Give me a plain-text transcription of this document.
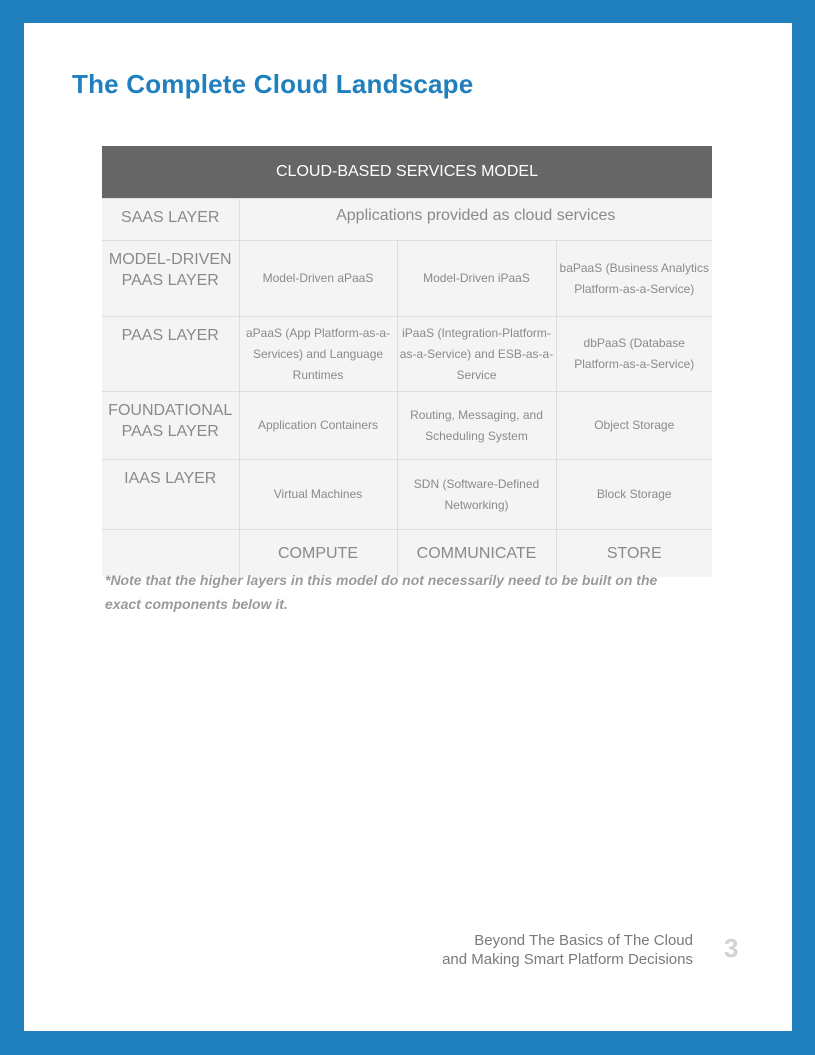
The Complete Cloud Landscape
CLOUD-BASED SERVICES MODEL			
SAAS LAYER	Applications provided as cloud services		
MODEL-DRIVEN PAAS LAYER	Model-Driven aPaaS	Model-Driven iPaaS	baPaaS (Business Analytics Platform-as-a-Service)
PAAS LAYER	aPaaS (App Platform-as-a-Services) and Language Runtimes	iPaaS (Integration-Platform-as-a-Service) and ESB-as-a-Service	dbPaaS (Database Platform-as-a-Service)
FOUNDATIONAL PAAS LAYER	Application Containers	Routing, Messaging, and Scheduling System	Object Storage
IAAS LAYER	Virtual Machines	SDN (Software-Defined Networking)	Block Storage
	COMPUTE	COMMUNICATE	STORE

*Note that the higher layers in this model do not necessarily need to be built on the exact components below it.

Beyond The Basics of The Cloud
and Making Smart Platform Decisions 3
